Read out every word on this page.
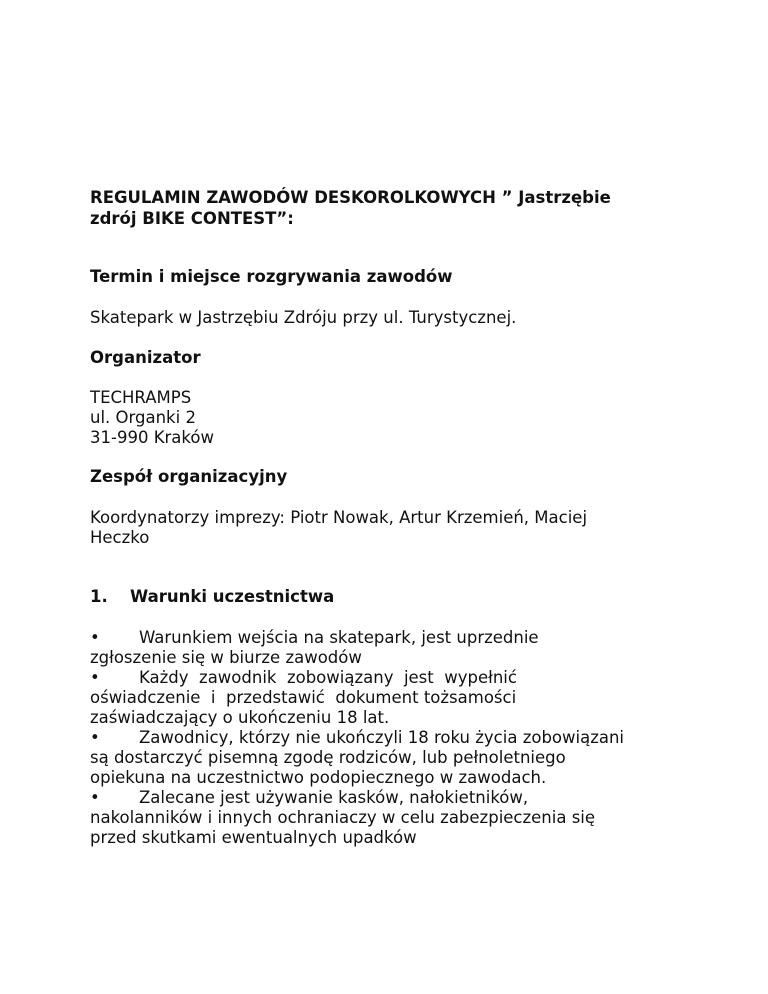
REGULAMIN ZAWODÓW DESKOROLKOWYCH ” Jastrzębie
zdrój BIKE CONTEST”:
Termin i miejsce rozgrywania zawodów
Skatepark w Jastrzębiu Zdróju przy ul. Turystycznej.
Organizator
TECHRAMPS
ul. Organki 2
31-990 Kraków
Zespół organizacyjny
Koordynatorzy imprezy: Piotr Nowak, Artur Krzemień, Maciej
Heczko
1. Warunki uczestnictwa
• Warunkiem wejścia na skatepark, jest uprzednie
zgłoszenie się w biurze zawodów
• Każdy  zawodnik  zobowiązany  jest  wypełnić
oświadczenie  i  przedstawić  dokument tożsamości
zaświadczający o ukończeniu 18 lat.
• Zawodnicy, którzy nie ukończyli 18 roku życia zobowiązani
są dostarczyć pisemną zgodę rodziców, lub pełnoletniego
opiekuna na uczestnictwo podopiecznego w zawodach.
• Zalecane jest używanie kasków, nałokietników,
nakolanników i innych ochraniaczy w celu zabezpieczenia się
przed skutkami ewentualnych upadków
